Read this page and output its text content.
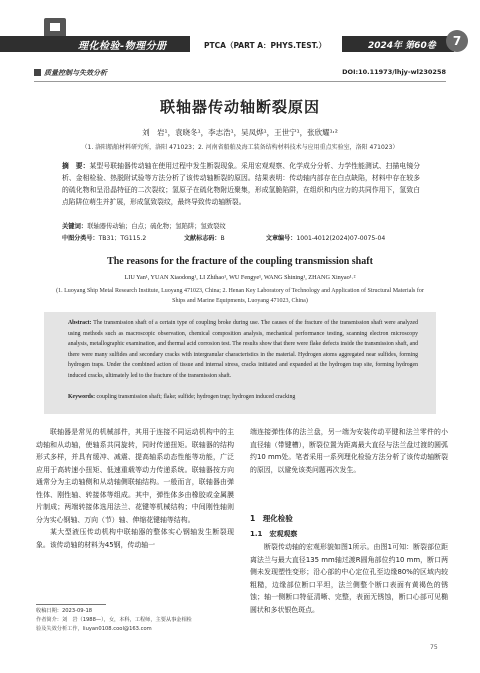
理化检验-物理分册	PTCA（PART A：PHYS.TEST.）	2024年 第60卷	7
质量控制与失效分析	DOI:10.11973/lhjy-wl230258
联轴器传动轴断裂原因
刘　岩¹，袁晓冬¹，李志浩¹，吴凤烨¹，王世宁¹，张欣耀¹˒²
（1. 洛阳船舶材料研究所，洛阳 471023；2. 河南省船舶及海工装备结构材料技术与应用重点实验室，洛阳 471023）
摘　要：某型号联轴器传动轴在使用过程中发生断裂现象。采用宏观观察、化学成分分析、力学性能测试、扫描电镜分析、金相检验、热脱附试验等方法分析了该传动轴断裂的原因。结果表明：传动轴内部存在白点缺陷，材料中存在较多的硫化物和呈沿晶特征的二次裂纹；氢原子在硫化物附近聚集，形成氢脆陷阱，在组织和内应力的共同作用下，氢致白点陷阱位萌生并扩展，形成氢致裂纹，最终导致传动轴断裂。
关键词：联轴器传动轴；白点；硫化物；氢陷阱；氢致裂纹
中图分类号：TB31；TG115.2	文献标志码：B	文章编号：1001-4012(2024)07-0075-04
The reasons for the fracture of the coupling transmission shaft
LIU Yan¹, YUAN Xiaodong¹, LI Zhihao¹, WU Fengye¹, WANG Shining¹, ZHANG Xinyao¹˒²
(1. Luoyang Ship Metal Research Institute, Luoyang 471023, China; 2. Henan Key Laboratory of Technology and Application of Structural Materials for Ships and Marine Equipments, Luoyang 471023, China)
Abstract: The transmission shaft of a certain type of coupling broke during use. The causes of the fracture of the transmission shaft were analyzed using methods such as macroscopic observation, chemical composition analysis, mechanical performance testing, scanning electron microscopy analysis, metallographic examination, and thermal acid corrosion test. The results show that there were flake defects inside the transmission shaft, and there were many sulfides and secondary cracks with intergranular characteristics in the material. Hydrogen atoms aggregated near sulfides, forming hydrogen traps. Under the combined action of tissue and internal stress, cracks initiated and expanded at the hydrogen trap site, forming hydrogen induced cracks, ultimately led to the fracture of the transmission shaft.
Keywords: coupling transmission shaft; flake; sulfide; hydrogen trap; hydrogen induced cracking

联轴器是常见的机械部件，其用于连接不同运动机构中的主动轴和从动轴，使轴系共同旋转，同时传递扭矩。联轴器的结构形式多样，并具有缓冲、减震、提高轴系动态性能等功能，广泛应用于高转速小扭矩、低速重载等动力传递系统。联轴器按方向通常分为主动轴侧和从动轴侧联轴结构。一般而言，联轴器由弹性体、刚性轴、转接体等组成。其中，弹性体多由橡胶或金属膜片制成；两端转接体选用法兰、花键等机械结构；中间刚性轴则分为实心钢轴、万向（节）轴、伸缩花键轴等结构。

某大型液压传动机构中联轴器的整体实心钢轴发生断裂现象。该传动轴的材料为45钢，传动轴一

端连接弹性体的法兰盘，另一端为安装传动平键和法兰零件的小直径轴（带键槽），断裂位置为距离最大直径与法兰盘过渡的圆弧约10 mm处。笔者采用一系列理化检验方法分析了该传动轴断裂的原因，以避免该类问题再次发生。

1　理化检验
1.1　宏观观察

断裂传动轴的宏观形貌如图1所示。由图1可知：断裂部位距离法兰与最大直径135 mm轴过渡R圆角部位约10 mm，断口两侧未发现塑性变形；沿心部的中心定位孔至边缘80%的区域内较粗糙，边缘部位断口平坦，法兰侧整个断口表面有黄褐色的锈蚀；轴一侧断口特征清晰、完整，表面无锈蚀，断口心部可见椭圆状和多状银色斑点。

收稿日期：2023-09-18
作者简介：刘　岩（1988—），女，本科，工程师，主要从事金相检
验及失效分析工作，liuyan0108.cool@163.com
75
